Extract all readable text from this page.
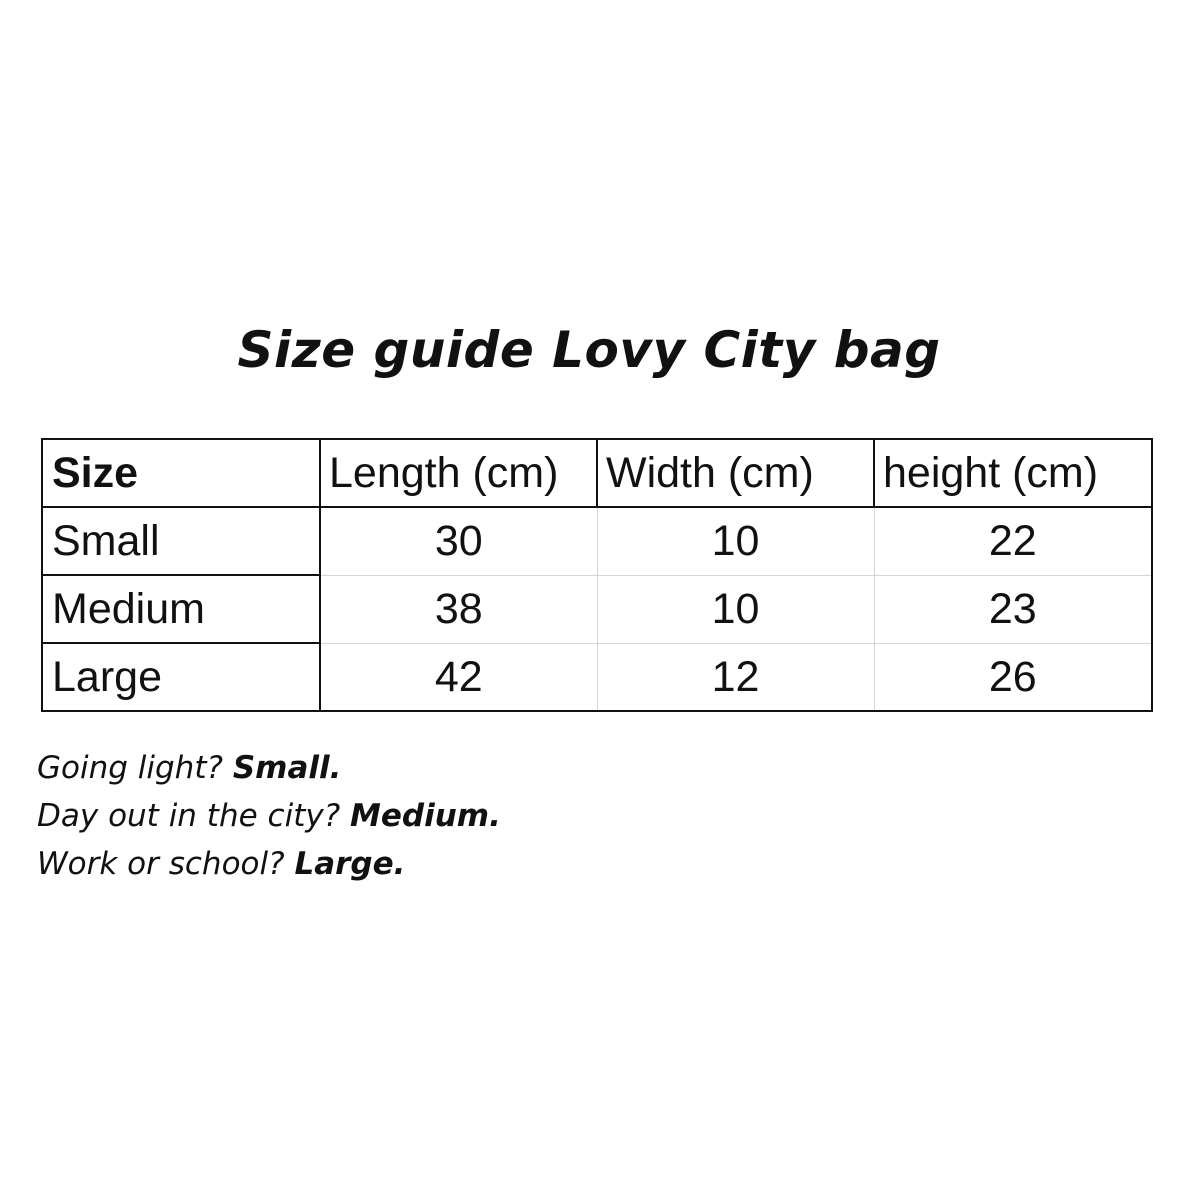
Size guide Lovy City bag
Size	Length (cm)	Width (cm)	height (cm)
Small	30	10	22
Medium	38	10	23
Large	42	12	26
Going light? Small.
Day out in the city? Medium.
Work or school? Large.
